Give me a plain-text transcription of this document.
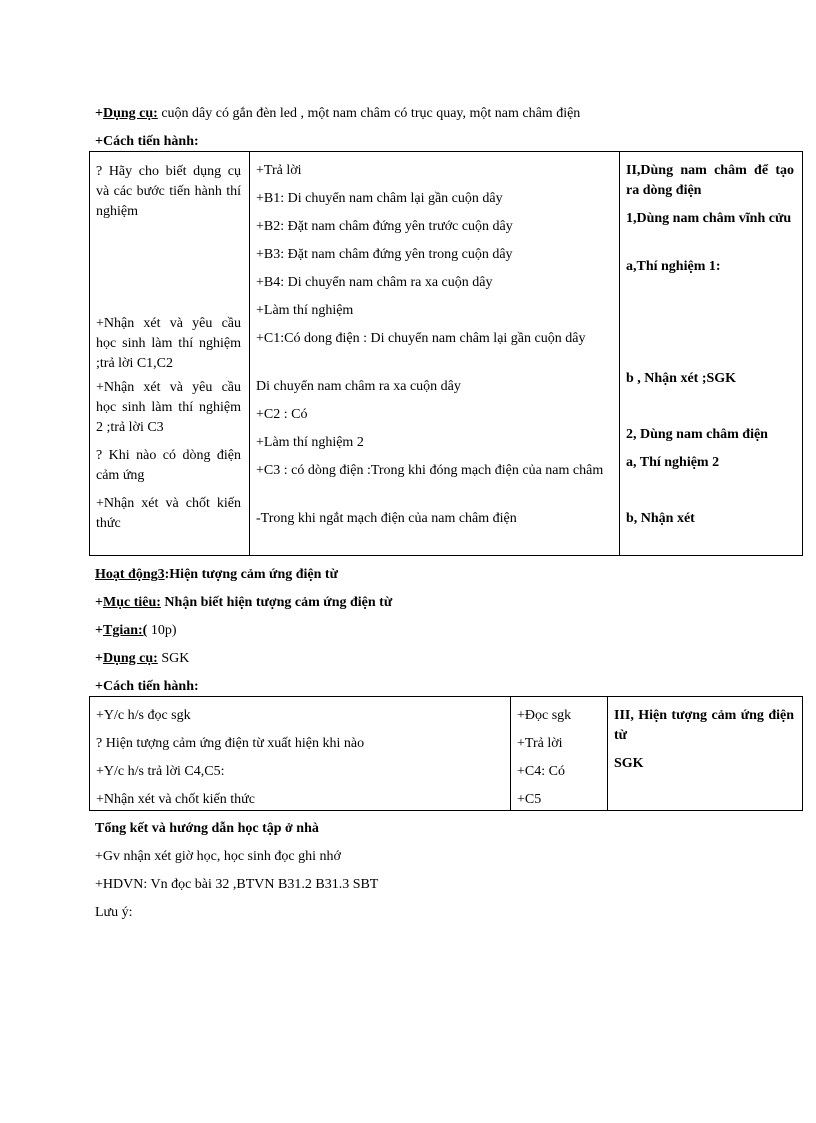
+Dụng cụ: cuộn dây có gắn đèn led , một nam châm có trục quay, một nam châm điện
+Cách tiến hành:
? Hãy cho biết dụng cụ và các bước tiến hành thí nghiệm
+Nhận xét và yêu cầu học sinh làm thí nghiệm ;trả lời C1,C2
+Nhận xét và yêu cầu học sinh làm thí nghiệm 2 ;trả lời C3
? Khi nào có dòng điện cảm ứng
+Nhận xét và chốt kiến thức

+Trả lời
+B1: Di chuyển nam châm lại gần cuộn dây
+B2: Đặt nam châm đứng yên trước cuộn dây
+B3: Đặt nam châm đứng yên trong cuộn dây
+B4: Di chuyển nam châm ra xa cuộn dây
+Làm thí nghiệm
+C1:Có dong điện : Di chuyển nam châm lại gần cuộn dây
Di chuyển nam châm ra xa cuộn dây
+C2 : Có
+Làm thí nghiệm 2
+C3 : có dòng điện :Trong khi đóng mạch điện của nam châm
-Trong khi ngắt mạch điện của nam châm điện

II,Dùng nam châm để tạo ra dòng điện
1,Dùng nam châm vĩnh cửu
a,Thí nghiệm 1:
b , Nhận xét ;SGK
2, Dùng nam châm điện
a, Thí nghiệm 2
b, Nhận xét
Hoạt động3:Hiện tượng cảm ứng điện từ
+Mục tiêu: Nhận biết hiện tượng cảm ứng điện từ
+Tgian:( 10p)
+Dụng cụ: SGK
+Cách tiến hành:
+Y/c h/s đọc sgk
? Hiện tượng cảm ứng điện từ xuất hiện khi nào
+Y/c h/s trả lời C4,C5:
+Nhận xét và chốt kiến thức

+Đọc sgk
+Trả lời
+C4: Có
+C5

III, Hiện tượng cảm ứng điện từ
SGK
Tổng kết và hướng dẫn học tập ở nhà
+Gv nhận xét giờ học, học sinh đọc ghi nhớ
+HDVN: Vn đọc bài 32 ,BTVN B31.2 B31.3 SBT
Lưu ý:
